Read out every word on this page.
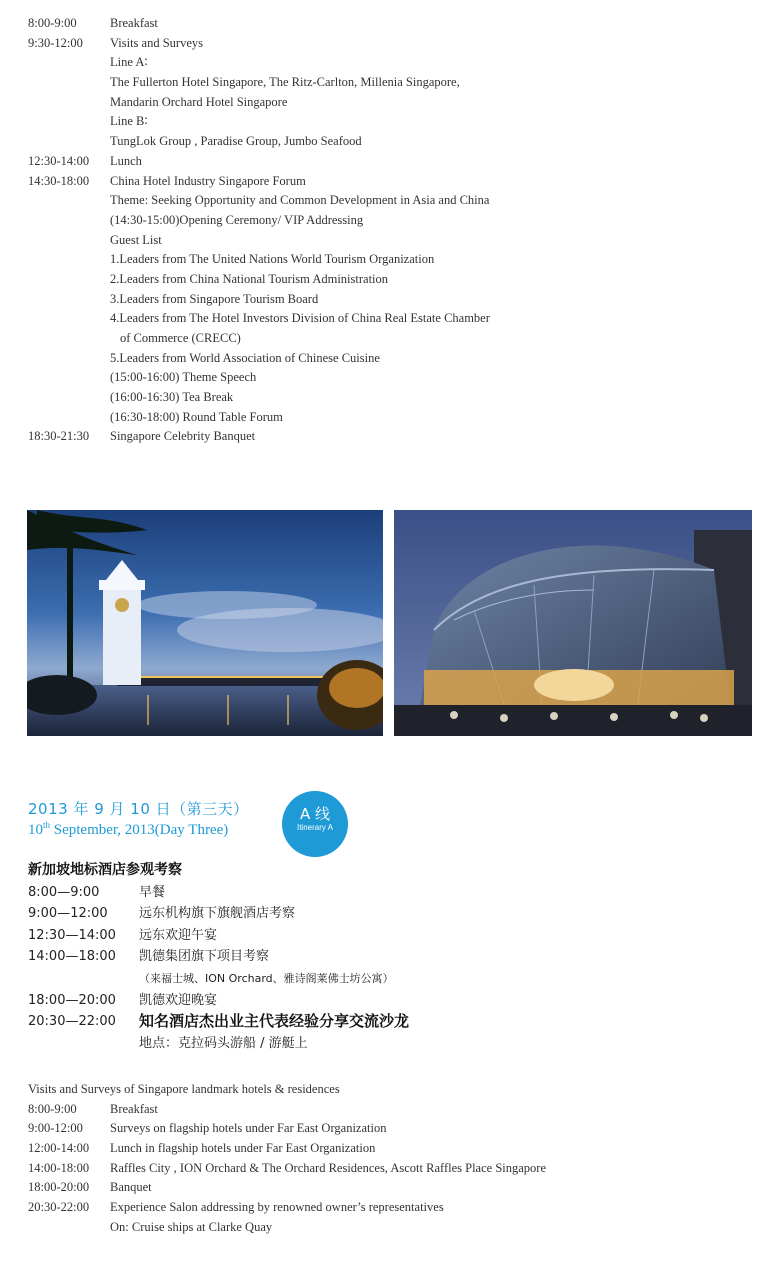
8:00-9:00	Breakfast
9:30-12:00 Visits and Surveys
Line A∶
The Fullerton Hotel Singapore, The Ritz-Carlton, Millenia Singapore,
Mandarin Orchard Hotel Singapore
Line B∶
TungLok Group , Paradise Group, Jumbo Seafood
12:30-14:00 Lunch
14:30-18:00 China Hotel Industry Singapore Forum
Theme: Seeking Opportunity and Common Development in Asia and China
(14:30-15:00)Opening Ceremony/ VIP Addressing
Guest List
1.Leaders from The United Nations World Tourism Organization
2.Leaders from China National Tourism Administration
3.Leaders from Singapore Tourism Board
4.Leaders from The Hotel Investors Division of China Real Estate Chamber
of Commerce (CRECC)
5.Leaders from World Association of Chinese Cuisine
(15:00-16:00) Theme Speech
(16:00-16:30) Tea Break
(16:30-18:00) Round Table Forum
18:30-21:30 Singapore Celebrity Banquet
2013 年 9 月 10 日（第三天）
10th September, 2013(Day Three)
A 线
Itinerary A
新加坡地标酒店参观考察
8:00—9:00	早餐
9:00—12:00 远东机构旗下旗舰酒店考察
12:30—14:00 远东欢迎午宴
14:00—18:00 凯德集团旗下项目考察
（来福士城、ION Orchard、雅诗阁莱佛士坊公寓）
18:00—20:00 凯德欢迎晚宴
20:30—22:00 知名酒店杰出业主代表经验分享交流沙龙
地点：克拉码头游船 / 游艇上
Visits and Surveys of Singapore landmark hotels & residences
8:00-9:00	Breakfast
9:00-12:00 Surveys on flagship hotels under Far East Organization
12:00-14:00 Lunch in flagship hotels under Far East Organization
14:00-18:00 Raffles City , ION Orchard & The Orchard Residences, Ascott Raffles Place Singapore
18:00-20:00 Banquet
20:30-22:00 Experience Salon addressing by renowned owner’s representatives
On: Cruise ships at Clarke Quay
